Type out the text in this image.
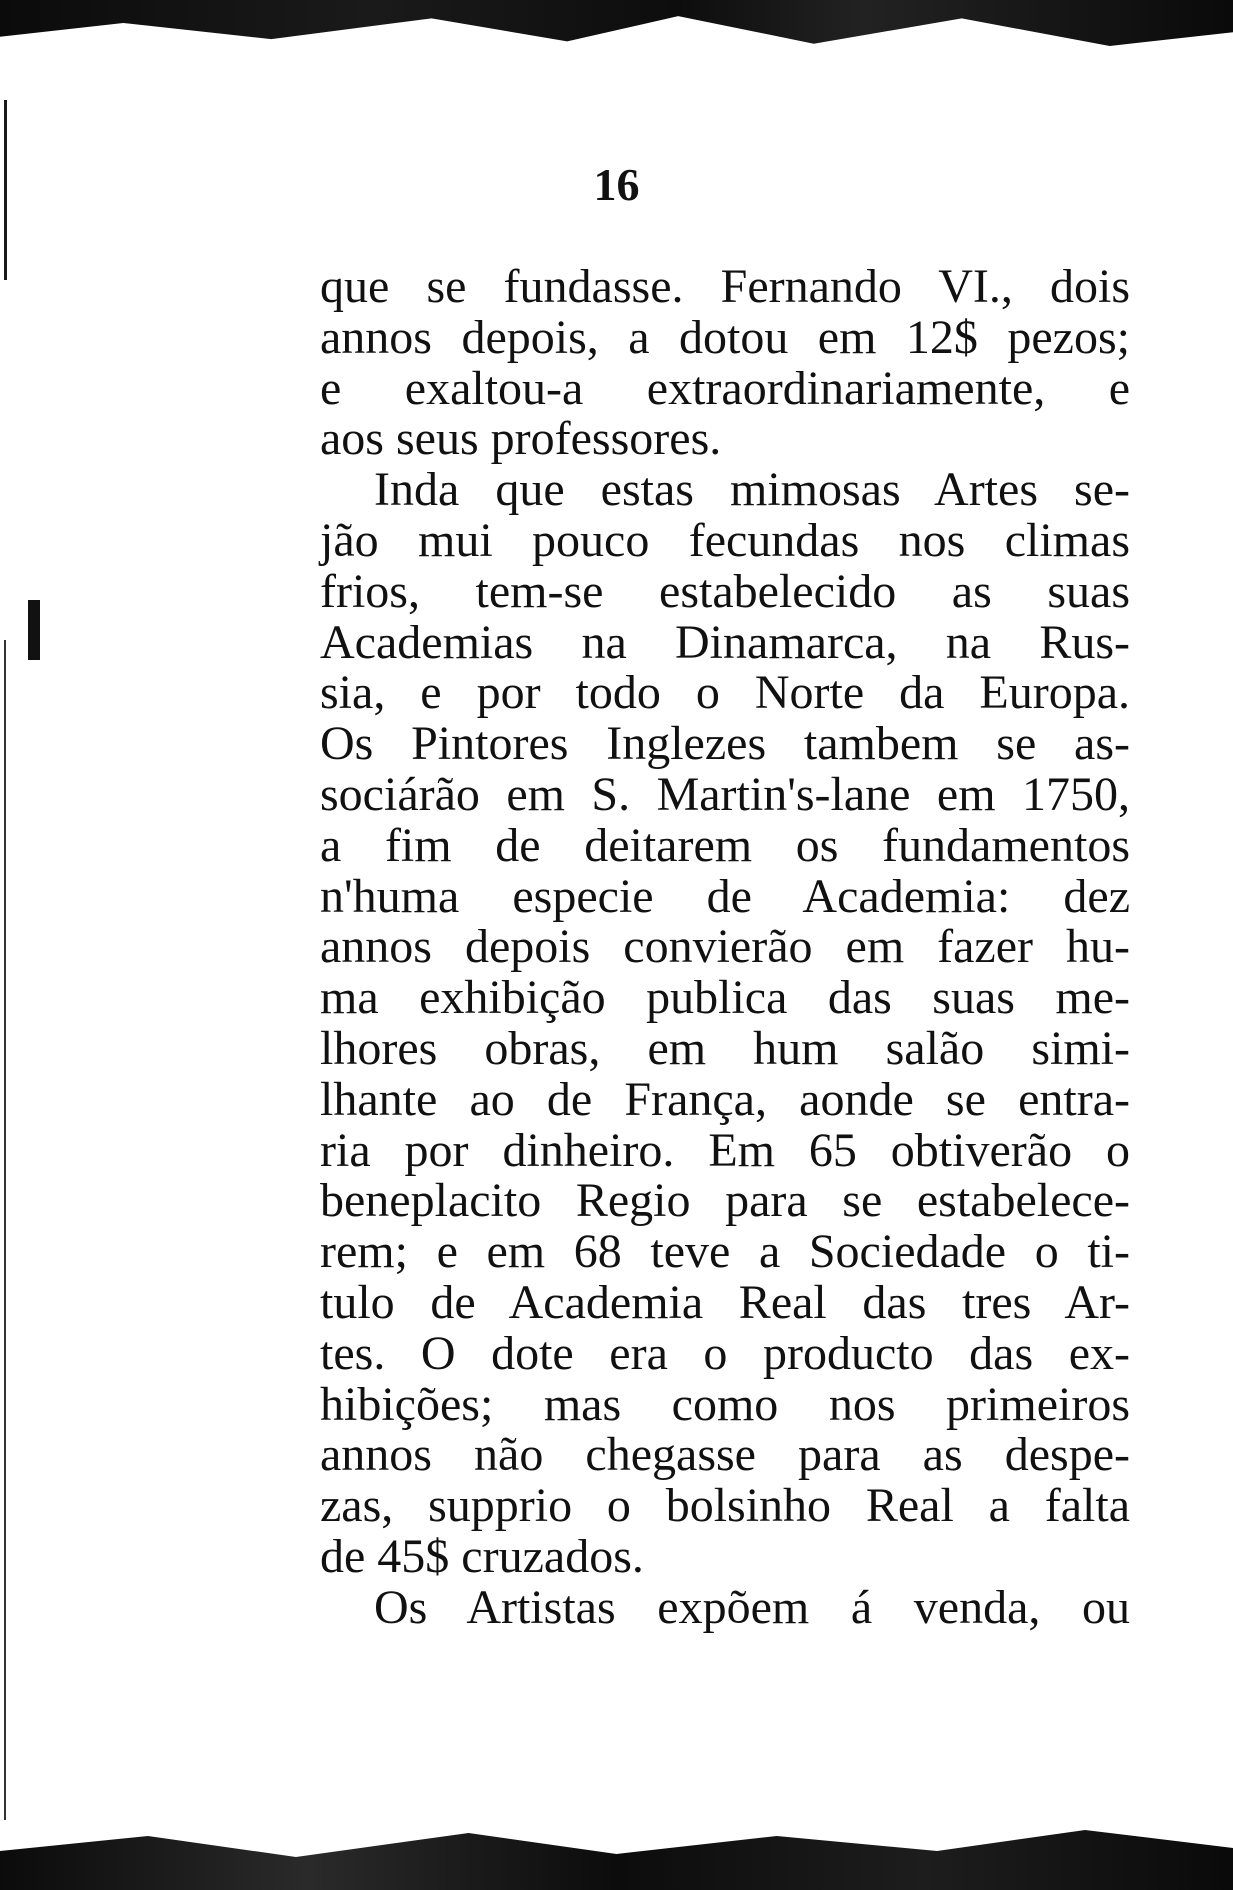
16
que se fundasse. Fernando VI., dois
annos depois, a dotou em 12$ pezos;
e exaltou-a extraordinariamente, e
aos seus professores.
Inda que estas mimosas Artes se-
jão mui pouco fecundas nos climas
frios, tem-se estabelecido as suas
Academias na Dinamarca, na Rus-
sia, e por todo o Norte da Europa.
Os Pintores Inglezes tambem se as-
sociárão em S. Martin's-lane em 1750,
a fim de deitarem os fundamentos
n'huma especie de Academia: dez
annos depois convierão em fazer hu-
ma exhibição publica das suas me-
lhores obras, em hum salão simi-
lhante ao de França, aonde se entra-
ria por dinheiro. Em 65 obtiverão o
beneplacito Regio para se estabelece-
rem; e em 68 teve a Sociedade o ti-
tulo de Academia Real das tres Ar-
tes. O dote era o producto das ex-
hibições; mas como nos primeiros
annos não chegasse para as despe-
zas, supprio o bolsinho Real a falta
de 45$ cruzados.
Os Artistas expõem á venda, ou
